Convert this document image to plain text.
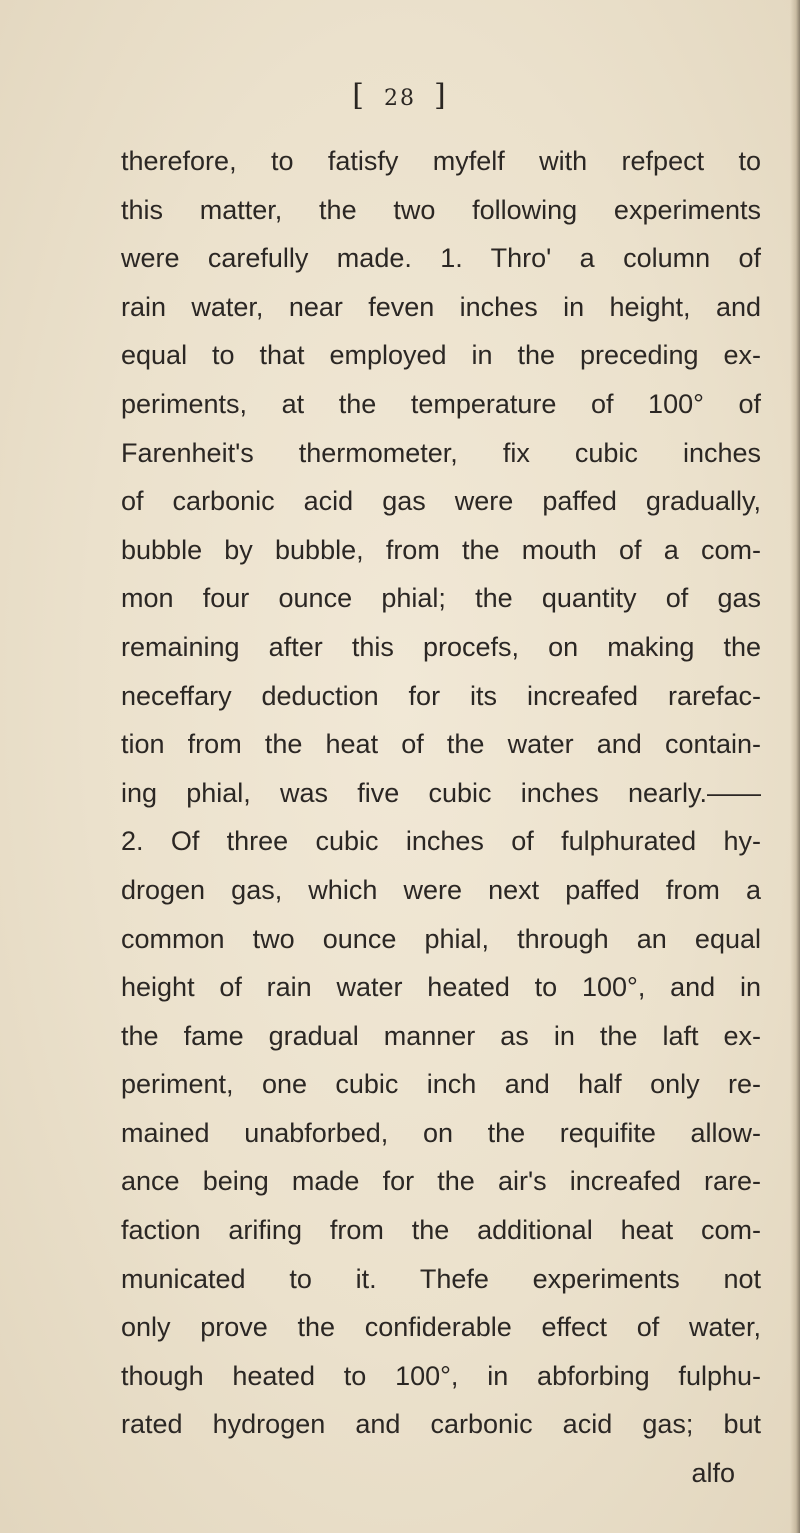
[ 28 ]
therefore, to fatisfy myfelf with refpect to
this matter, the two following experiments
were carefully made. 1. Thro' a column of
rain water, near feven inches in height, and
equal to that employed in the preceding ex-
periments, at the temperature of 100° of
Farenheit's thermometer, fix cubic inches
of carbonic acid gas were paffed gradually,
bubble by bubble, from the mouth of a com-
mon four ounce phial; the quantity of gas
remaining after this procefs, on making the
neceffary deduction for its increafed rarefac-
tion from the heat of the water and contain-
ing phial, was five cubic inches nearly.——
2. Of three cubic inches of fulphurated hy-
drogen gas, which were next paffed from a
common two ounce phial, through an equal
height of rain water heated to 100°, and in
the fame gradual manner as in the laft ex-
periment, one cubic inch and half only re-
mained unabforbed, on the requifite allow-
ance being made for the air's increafed rare-
faction arifing from the additional heat com-
municated to it. Thefe experiments not
only prove the confiderable effect of water,
though heated to 100°, in abforbing fulphu-
rated hydrogen and carbonic acid gas; but
alfo
